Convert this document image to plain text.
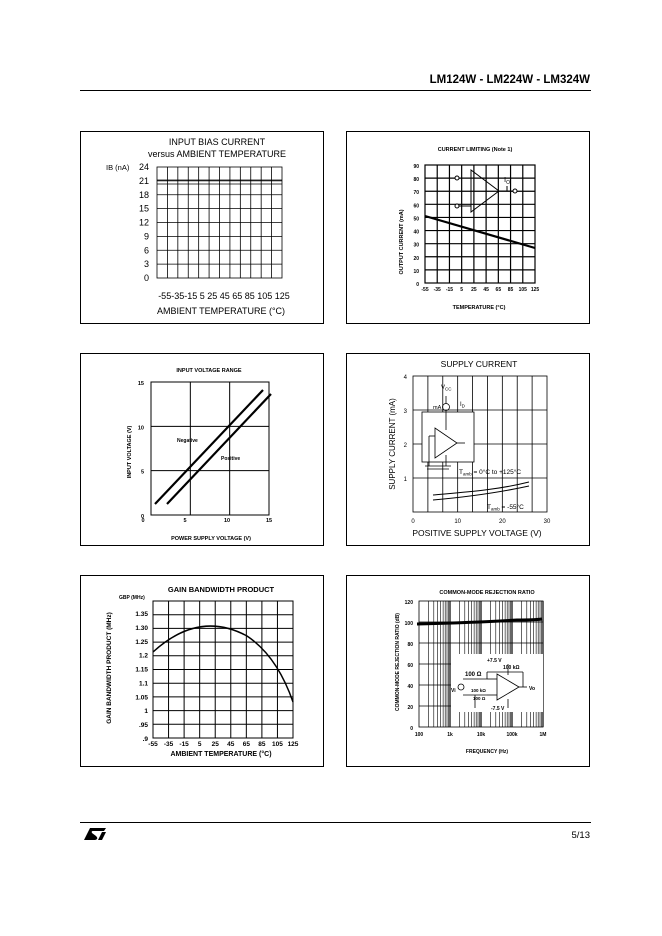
LM124W - LM224W - LM324W
INPUT BIAS CURRENT
versus AMBIENT TEMPERATURE
IB (nA) 24
21
18
15
12
9
6
3
0
-55-35-15 5 25 45 65 85 105 125
AMBIENT TEMPERATURE (°C)
CURRENT LIMITING (Note 1)
OUTPUT CURRENT (mA)
90
80
70
60
50
40
30
20
10
0
-55 -35 -15 5 25 45 65 85 105 125
$I_O$
TEMPERATURE (°C)
INPUT VOLTAGE RANGE
INPUT VOLTAGE (V)
15
10
5
0
0	5	10	15
Negative
Positive
POWER SUPPLY VOLTAGE (V)
SUPPLY CURRENT
SUPPLY CURRENT (mA)
4
3
2
1
0	10	20	30
$V_{CC}$
mA	$I_D$
$T_{amb} = 0^\circ C$ to +125°C
$T_{amb} = -55^\circ C$
POSITIVE SUPPLY VOLTAGE (V)
GAIN BANDWIDTH PRODUCT
GBP (MHz)
GAIN BANDWIDTH PRODUCT (MHz)	1.35
1.30
1.25
1.2
1.15
1.1
1.05
1
.95
.9
-55 -35 -15 5 25 45 65 85 105 125
AMBIENT TEMPERATURE (°C)
COMMON-MODE REJECTION RATIO
COMMON-MODE REJECTION RATIO (dB)
120
100
80
60
40
20
0
100	1k	10k	100k	1M
+7.5 V
100 kΩ
100 Ω
Vi	Vo
100 kΩ
100 Ω
-7.5 V
FREQUENCY (Hz)
5/13
